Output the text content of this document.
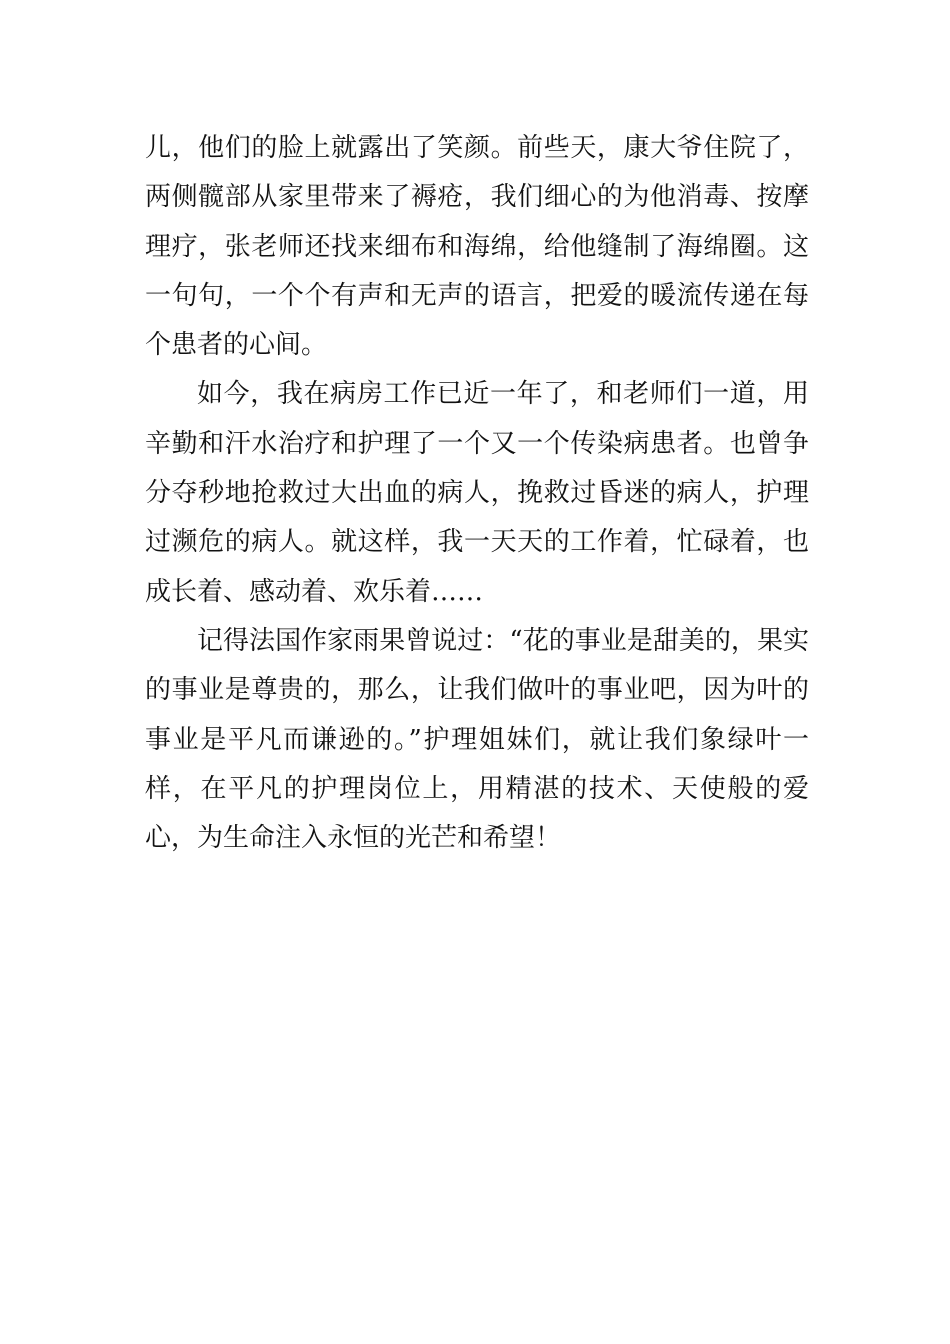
儿，他们的脸上就露出了笑颜。前些天，康大爷住院了，两侧髋部从家里带来了褥疮，我们细心的为他消毒、按摩理疗，张老师还找来细布和海绵，给他缝制了海绵圈。这一句句，一个个有声和无声的语言，把爱的暖流传递在每个患者的心间。

如今，我在病房工作已近一年了，和老师们一道，用辛勤和汗水治疗和护理了一个又一个传染病患者。也曾争分夺秒地抢救过大出血的病人，挽救过昏迷的病人，护理过濒危的病人。就这样，我一天天的工作着，忙碌着，也成长着、感动着、欢乐着……

记得法国作家雨果曾说过：“花的事业是甜美的，果实的事业是尊贵的，那么，让我们做叶的事业吧，因为叶的事业是平凡而谦逊的。”护理姐妹们，就让我们象绿叶一样，在平凡的护理岗位上，用精湛的技术、天使般的爱心，为生命注入永恒的光芒和希望！
